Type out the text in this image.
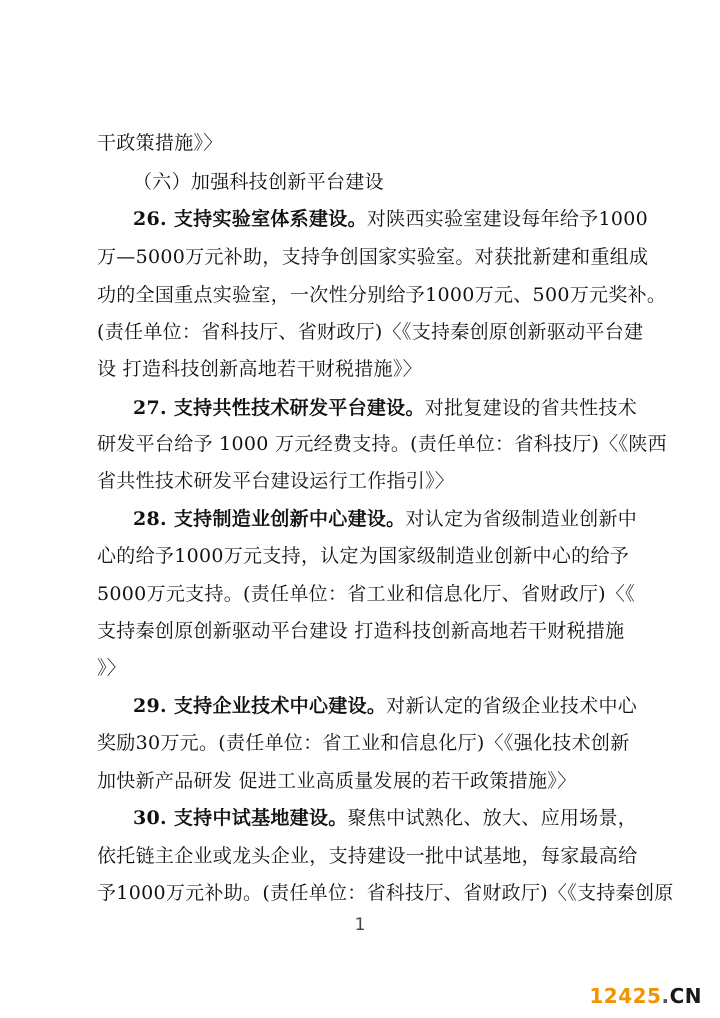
干政策措施》〉
（六）加强科技创新平台建设
26. 支持实验室体系建设。对陕西实验室建设每年给予1000
万—5000万元补助，支持争创国家实验室。对获批新建和重组成
功的全国重点实验室，一次性分别给予1000万元、500万元奖补。
(责任单位：省科技厅、省财政厅)〈《支持秦创原创新驱动平台建
设 打造科技创新高地若干财税措施》〉
27. 支持共性技术研发平台建设。对批复建设的省共性技术
研发平台给予 1000 万元经费支持。(责任单位：省科技厅)〈《陕西
省共性技术研发平台建设运行工作指引》〉
28. 支持制造业创新中心建设。对认定为省级制造业创新中
心的给予1000万元支持，认定为国家级制造业创新中心的给予
5000万元支持。(责任单位：省工业和信息化厅、省财政厅)〈《
支持秦创原创新驱动平台建设 打造科技创新高地若干财税措施
》〉
29. 支持企业技术中心建设。对新认定的省级企业技术中心
奖励30万元。(责任单位：省工业和信息化厅)〈《强化技术创新
加快新产品研发 促进工业高质量发展的若干政策措施》〉
30. 支持中试基地建设。聚焦中试熟化、放大、应用场景，
依托链主企业或龙头企业，支持建设一批中试基地，每家最高给
予1000万元补助。(责任单位：省科技厅、省财政厅)〈《支持秦创原
1
12425.CN
